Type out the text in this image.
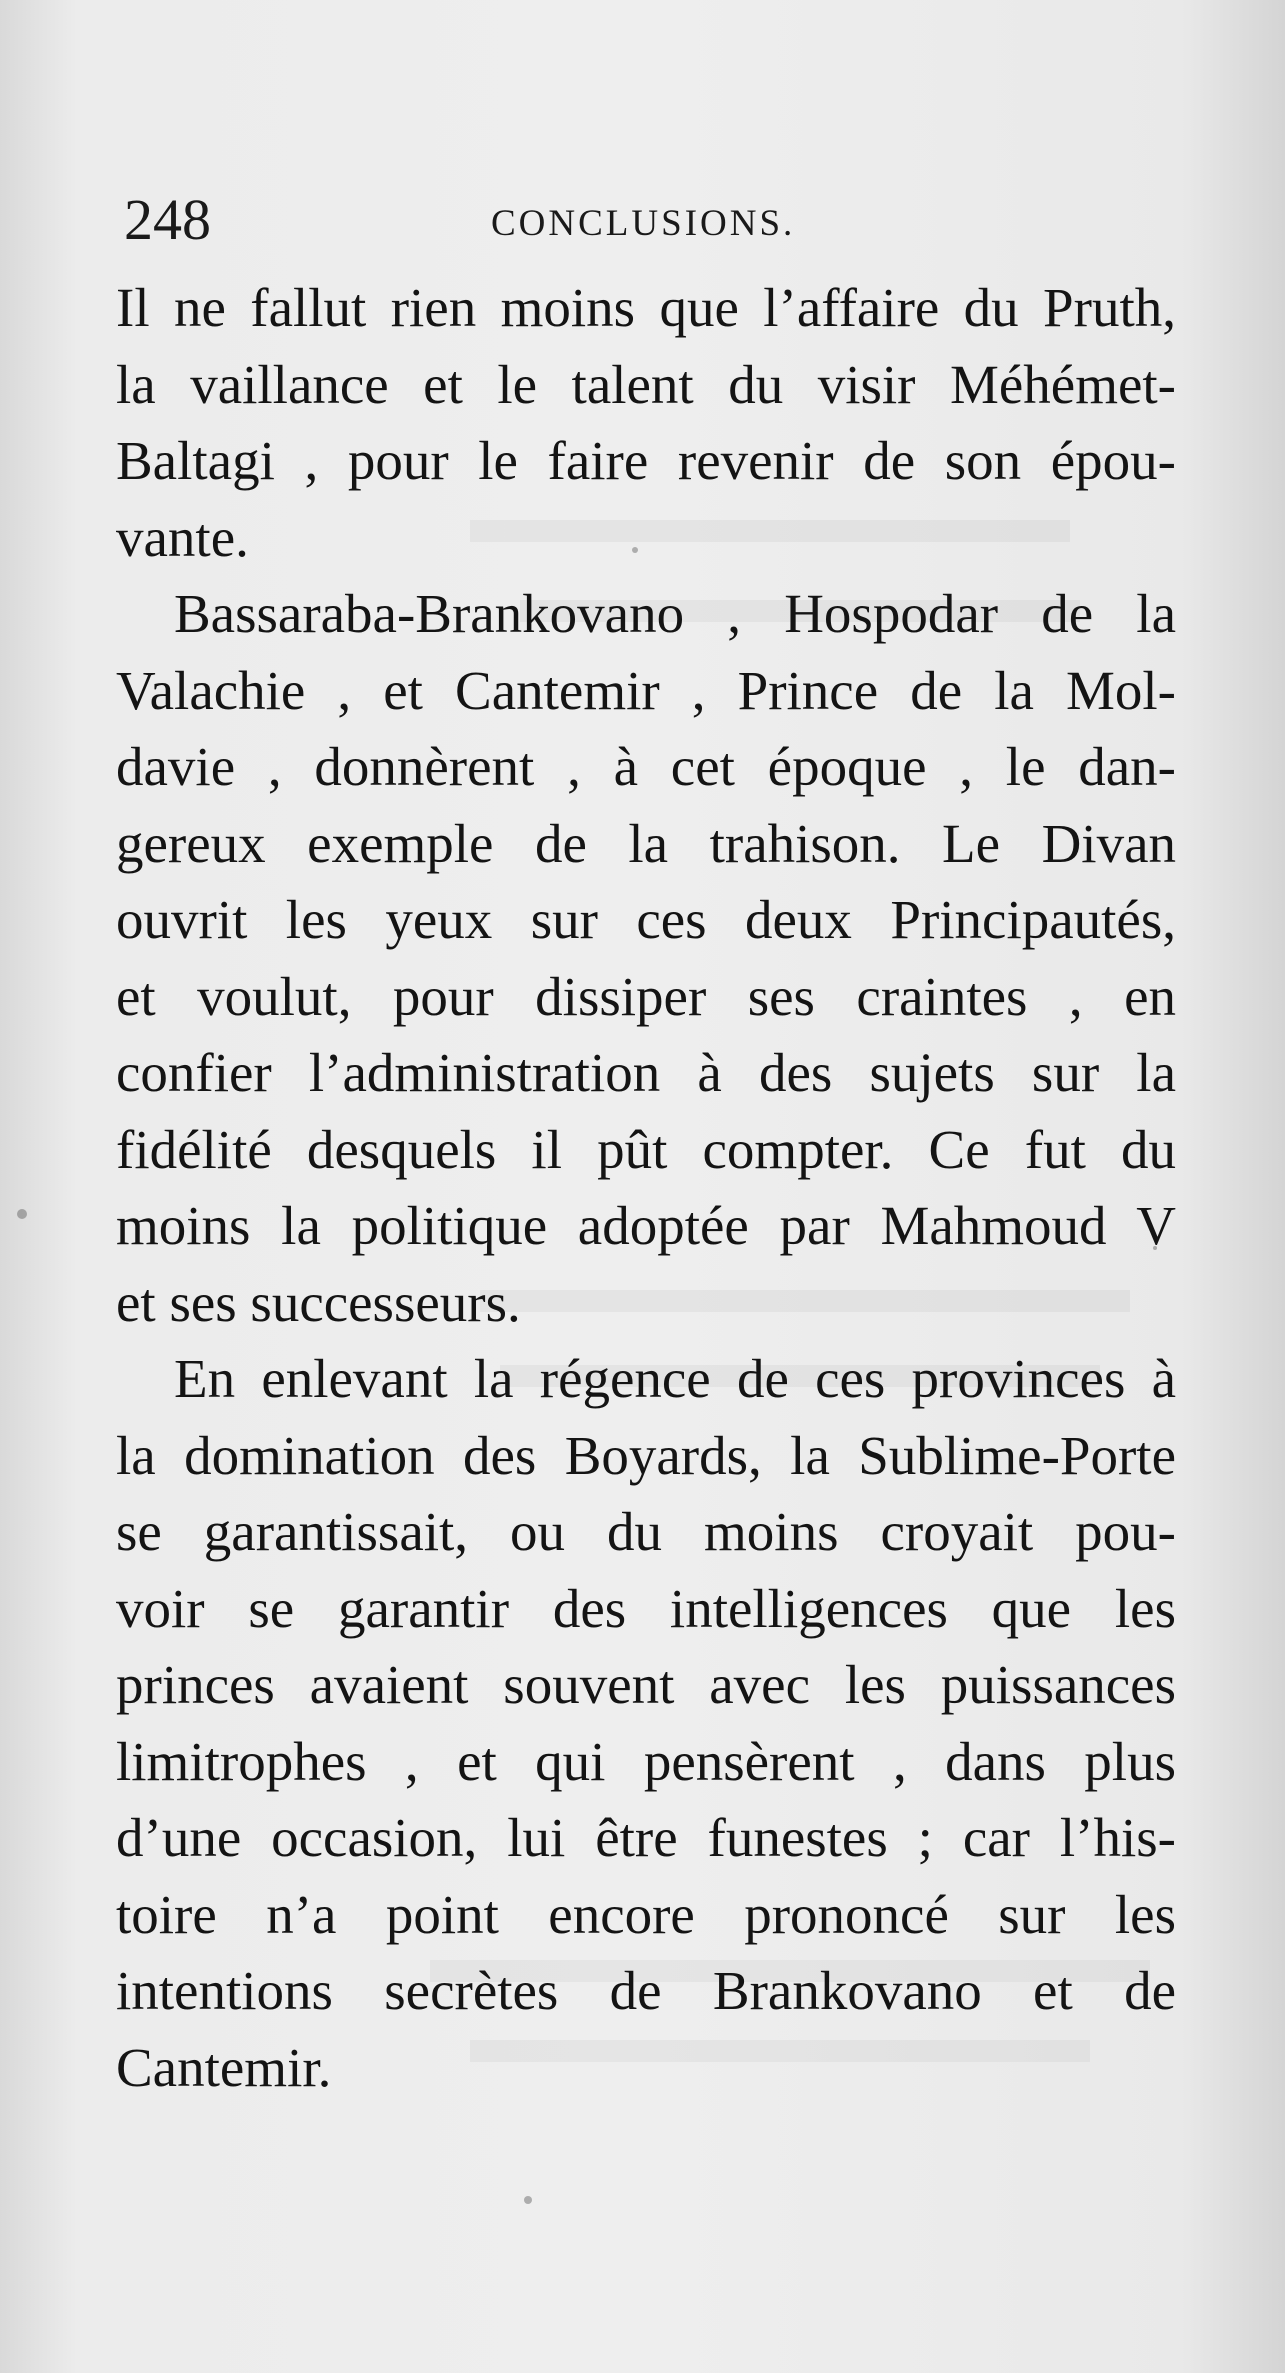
248	CONCLUSIONS.
Il ne fallut rien moins que l’affaire du Pruth,
la vaillance et le talent du visir Méhémet-
Baltagi , pour le faire revenir de son épou-
vante.
Bassaraba-Brankovano , Hospodar de la
Valachie , et Cantemir , Prince de la Mol-
davie , donnèrent , à cet époque , le dan-
gereux exemple de la trahison. Le Divan
ouvrit les yeux sur ces deux Principautés,
et voulut, pour dissiper ses craintes , en
confier l’administration à des sujets sur la
fidélité desquels il pût compter. Ce fut du
moins la politique adoptée par Mahmoud V
et ses successeurs.
En enlevant la régence de ces provinces à
la domination des Boyards, la Sublime-Porte
se garantissait, ou du moins croyait pou-
voir se garantir des intelligences que les
princes avaient souvent avec les puissances
limitrophes , et qui pensèrent , dans plus
d’une occasion, lui être funestes ; car l’his-
toire n’a point encore prononcé sur les
intentions secrètes de Brankovano et de
Cantemir.
